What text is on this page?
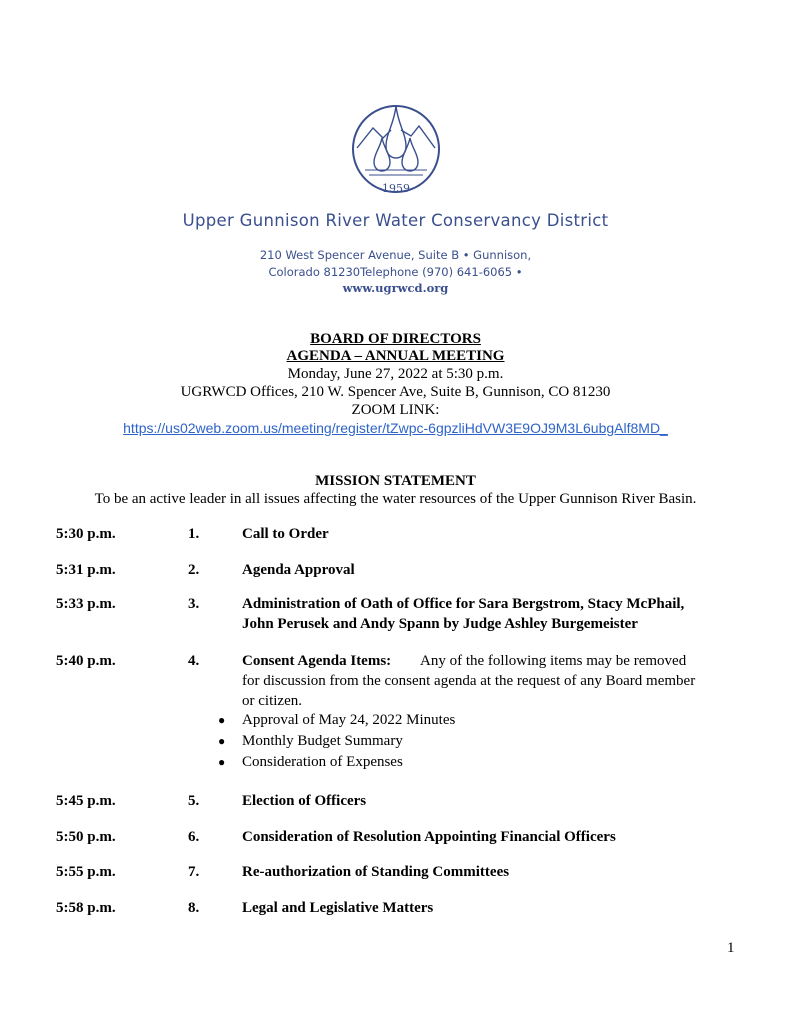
1959
Upper Gunnison River Water Conservancy District
210 West Spencer Avenue, Suite B • Gunnison,
Colorado 81230Telephone (970) 641-6065 •
www.ugrwcd.org
BOARD OF DIRECTORS
AGENDA – ANNUAL MEETING
Monday, June 27, 2022 at 5:30 p.m.
UGRWCD Offices, 210 W. Spencer Ave, Suite B, Gunnison, CO 81230
ZOOM LINK:
https://us02web.zoom.us/meeting/register/tZwpc-6gpzliHdVW3E9OJ9M3L6ubgAlf8MD_
MISSION STATEMENT
To be an active leader in all issues affecting the water resources of the Upper Gunnison River Basin.
5:30 p.m.	1.	Call to Order
5:31 p.m.	2.	Agenda Approval
5:33 p.m.	3.	Administration of Oath of Office for Sara Bergstrom, Stacy McPhail,
John Perusek and Andy Spann by Judge Ashley Burgemeister
5:40 p.m.	4.	Consent Agenda Items: Any of the following items may be removed
for discussion from the consent agenda at the request of any Board member
or citizen.
● Approval of May 24, 2022 Minutes
● Monthly Budget Summary
● Consideration of Expenses
5:45 p.m.	5.	Election of Officers
5:50 p.m.	6.	Consideration of Resolution Appointing Financial Officers
5:55 p.m.	7.	Re-authorization of Standing Committees
5:58 p.m.	8.	Legal and Legislative Matters
1
